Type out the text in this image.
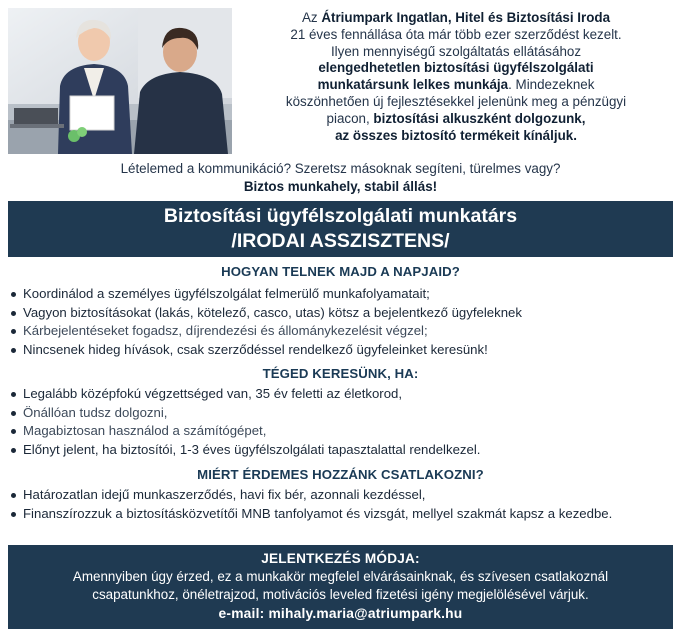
Az Átriumpark Ingatlan, Hitel és Biztosítási Iroda
21 éves fennállása óta már több ezer szerződést kezelt.
Ilyen mennyiségű szolgáltatás ellátásához
elengedhetetlen biztosítási ügyfélszolgálati
munkatársunk lelkes munkája. Mindezeknek
köszönhetően új fejlesztésekkel jelenünk meg a pénzügyi
piacon, biztosítási alkuszként dolgozunk,
az összes biztosító termékeit kínáljuk.
Lételemed a kommunikáció? Szeretsz másoknak segíteni, türelmes vagy?
Biztos munkahely, stabil állás!
Biztosítási ügyfélszolgálati munkatárs
/IRODAI ASSZISZTENS/
HOGYAN TELNEK MAJD A NAPJAID?
Koordinálod a személyes ügyfélszolgálat felmerülő munkafolyamatait;
Vagyon biztosításokat (lakás, kötelező, casco, utas) kötsz a bejelentkező ügyfeleknek
Kárbejelentéseket fogadsz, díjrendezési és állománykezelésit végzel;
Nincsenek hideg hívások, csak szerződéssel rendelkező ügyfeleinket keresünk!
TÉGED KERESÜNK, HA:
Legalább középfokú végzettséged van, 35 év feletti az életkorod,
Önállóan tudsz dolgozni,
Magabiztosan használod a számítógépet,
Előnyt jelent, ha biztosítói, 1-3 éves ügyfélszolgálati tapasztalattal rendelkezel.
MIÉRT ÉRDEMES HOZZÁNK CSATLAKOZNI?
Határozatlan idejű munkaszerződés, havi fix bér, azonnali kezdéssel,
Finanszírozzuk a biztosításközvetítői MNB tanfolyamot és vizsgát, mellyel szakmát kapsz a kezedbe.
JELENTKEZÉS MÓDJA:
Amennyiben úgy érzed, ez a munkakör megfelel elvárásainknak, és szívesen csatlakoznál
csapatunkhoz, önéletrajzod, motivációs leveled fizetési igény megjelölésével várjuk.
e-mail: mihaly.maria@atriumpark.hu
